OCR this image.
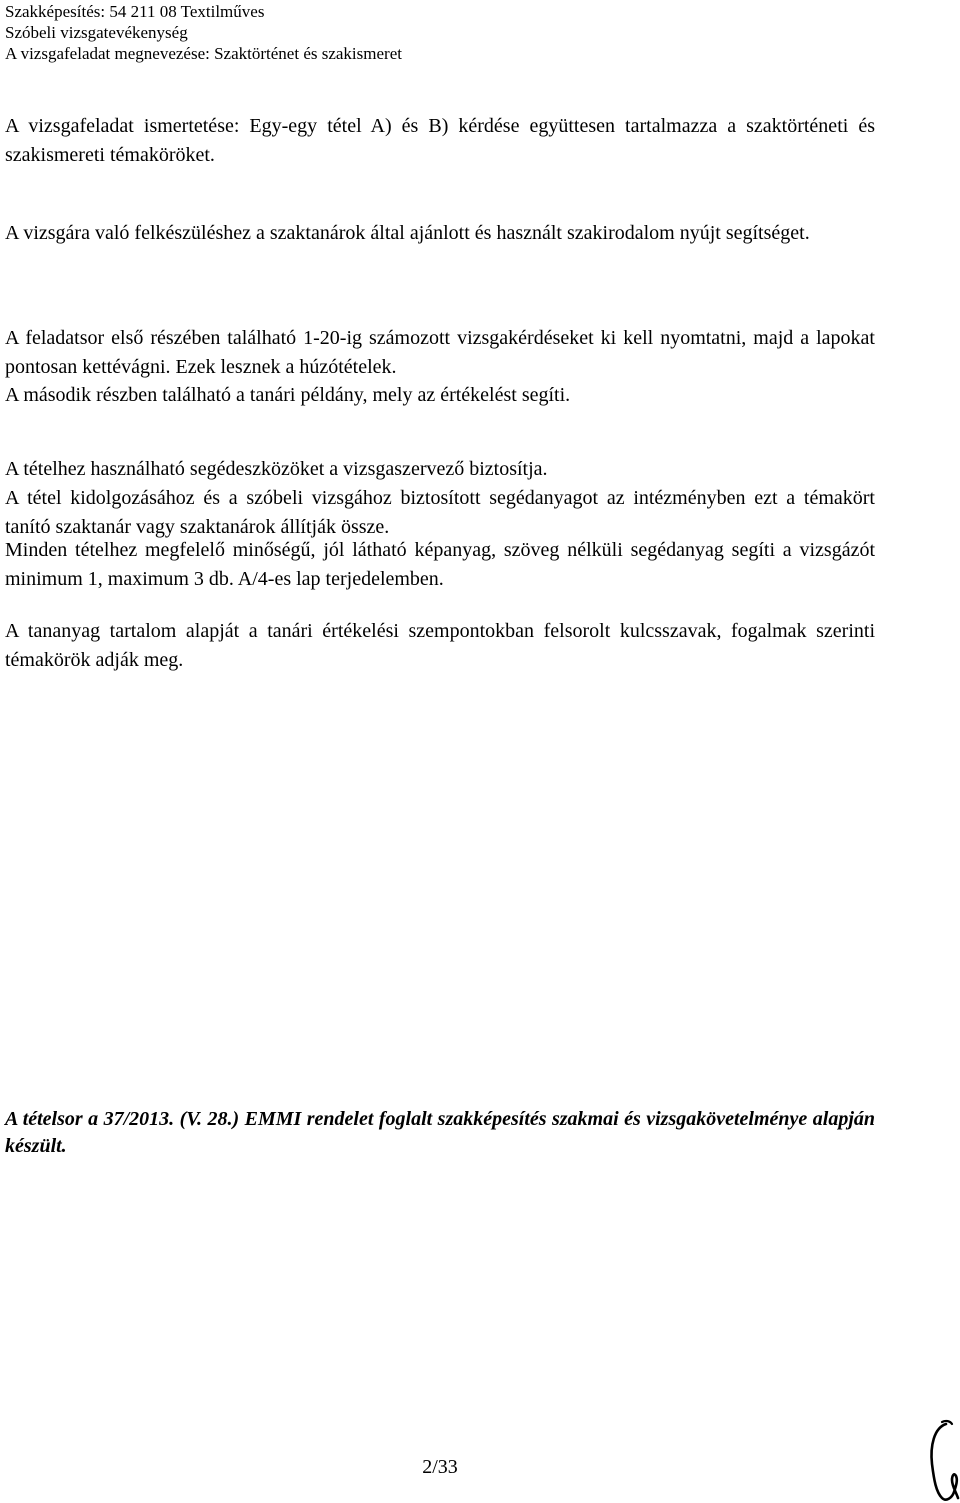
Szakképesítés: 54 211 08 Textilműves
Szóbeli vizsgatevékenység
A vizsgafeladat megnevezése: Szaktörténet és szakismeret
A vizsgafeladat ismertetése: Egy-egy tétel A) és B) kérdése együttesen tartalmazza a szaktörténeti és szakismereti témaköröket.
A vizsgára való felkészüléshez a szaktanárok által ajánlott és használt szakirodalom nyújt segítséget.
A feladatsor első részében található 1-20-ig számozott vizsgakérdéseket ki kell nyomtatni, majd a lapokat pontosan kettévágni. Ezek lesznek a húzótételek.
A második részben található a tanári példány, mely az értékelést segíti.
A tételhez használható segédeszközöket a vizsgaszervező biztosítja.
A tétel kidolgozásához és a szóbeli vizsgához biztosított segédanyagot az intézményben ezt a témakört tanító szaktanár vagy szaktanárok állítják össze.
Minden tételhez megfelelő minőségű, jól látható képanyag, szöveg nélküli segédanyag segíti a vizsgázót minimum 1, maximum 3 db. A/4-es lap terjedelemben.
A tananyag tartalom alapját a tanári értékelési szempontokban felsorolt kulcsszavak, fogalmak szerinti témakörök adják meg.
A tételsor a 37/2013. (V. 28.) EMMI rendelet foglalt szakképesítés szakmai és vizsgakövetelménye alapján készült.
2/33
